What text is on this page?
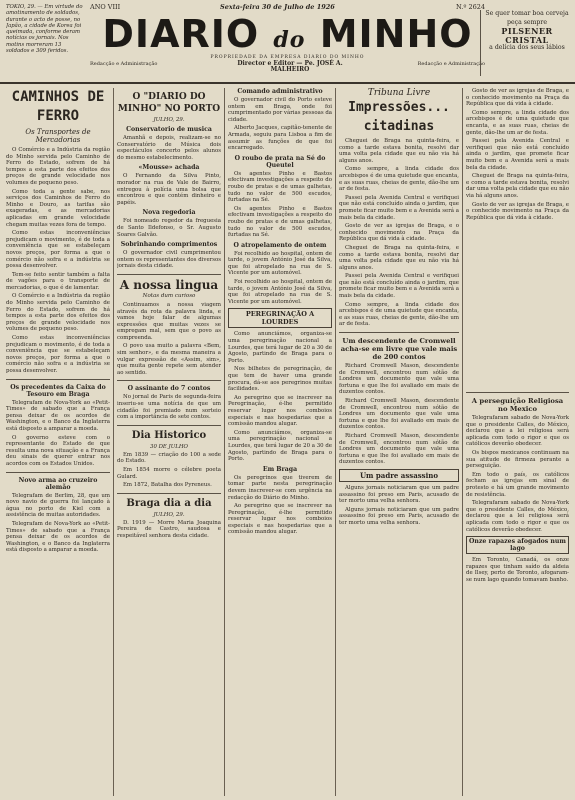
TOKIO, 29. — Em virtude do amotinamento de soldados, durante o acto de posse, no Japão, a cidade de Korea foi queimada, conforme deram notícias os jornais. Nos motins morreram 13 soldados e 309 feridos.
ANO VIII	Sexta-feira 30 de Julho de 1926	N.º 2624
DIARIO do MINHO
PROPRIEDADE DA EMPRESA DIARIO DO MINHO
Redacção e Administração	Director e Editor — Pe. JOSÉ A. MALHEIRO
Redacção e Administração
Se quer tomar boa cerveja peça sempre
PILSENER CRISTAL
a delícia dos seus lábios
CAMINHOS DE FERRO
Os Transportes de Mercadorias

O Comércio e a Indústria da região do Minho servida pelo Caminho de Ferro do Estado, sofrem de há tempos a esta parte dos efeitos dos preços de grande velocidade nos volumes de pequeno peso.

Como toda a gente sabe, nos serviços dos Caminhos de Ferro do Minho e Douro, as tarifas são exageradas, e as mercadorias aplicadas em grande velocidade chegam muitas vezes fora de tempo.

Como estas inconveniências prejudicam o movimento, é de toda a conveniência que se estabeleçam novos preços, por forma a que o comércio não sofra e a indústria se possa desenvolver.

Tem-se feito sentir também a falta de vagões para o transporte de mercadorias, o que é de lamentar.

O Comércio e a Indústria da região do Minho servida pelo Caminho de Ferro do Estado, sofrem de há tempos a esta parte dos efeitos dos preços de grande velocidade nos volumes de pequeno peso.

Como estas inconveniências prejudicam o movimento, é de toda a conveniência que se estabeleçam novos preços, por forma a que o comércio não sofra e a indústria se possa desenvolver.

Os precedentes da Caixa do Tesouro em Braga

Telegrafam de Nova-York ao «Petit-Times» de sabado que a França pensa deixar de os acordos de Washington, e o Banco da Inglaterra está disposto a amparar a moeda.

O governo esteve com o representante do Estado de que resulta uma nova situação e a França deu sinais de querer entrar nos acordos com os Estados Unidos.

Novo arma ao cruzeiro alemão

Telegrafam de Berlim, 28, que um novo navio de guerra foi lançado à água no porto de Kiel com a assistência de muitas autoridades.

Telegrafam de Nova-York ao «Petit-Times» de sabado que a França pensa deixar de os acordos de Washington, e o Banco da Inglaterra está disposto a amparar a moeda.

O "DIARIO DO MINHO" NO PORTO
JULHO, 29.
Conservatorio de musica

Amanhã e depois, realizam-se no Conservatório de Música dois espectáculos concerto pelos alunos do mesmo estabelecimento.

«Mousse» achada

O Fernando da Silva Pinto, morador na rua de Vale de Bairro, entregou à polícia uma bolsa que encontrou e que contém dinheiro e papéis.

Nova regedoria

Foi nomeado regedor da freguesia de Santo Ildefonso, o Sr. Augusto Soares Galvão.

Sobrinhando comprimentos

O governador civil cumprimentou ontem os representantes dos diversos jornais desta cidade.

A nossa lingua
Notas dum curioso

Continuamos a nossa viagem através da rota da palavra linda, e vamos hoje falar de algumas expressões que muitas vezes se empregam mal, sem que o povo as compreenda.

O povo usa muito a palavra «Bem, sim senhor», e da mesma maneira a vulgar expressão de «Assim, sim», que muita gente repete sem atender ao sentido.

O assinante do 7 contos

No jornal de Paris de segunda-feira inseriu-se uma notícia de que um cidadão foi premiado num sorteio com a importância de sete contos.

Dia Historico
30 DE JULHO

Em 1839 — criação do 100 a sede do Estado.

Em 1854 morre o célebre poeta Gulard.

Em 1872, Batalha dos Pyreneus.

Braga dia a dia
JULHO, 29.

D. 1919 — Morre Maria Joaquina Pereira de Castro, saudosa e respeitável senhora desta cidade.

Comando administrativo

O governador civil do Porto esteve ontem em Braga, onde foi cumprimentado por várias pessoas da cidade.

Alberto Jacques, capitão-tenente de Armada, seguiu para Lisboa a fim de assumir as funções de que foi encarregado.

O roubo de prata na Sé do Queutel

Os agentes Pinho e Bastos efectivam investigações a respeito do roubo de pratas e de umas galhetas, tudo no valor de 500 escudos, furtadas na Sé.

Os agentes Pinho e Bastos efectivam investigações a respeito do roubo de pratas e de umas galhetas, tudo no valor de 500 escudos, furtadas na Sé.

O atropelamento de ontem

Foi recolhido ao hospital, ontem de tarde, o jovem António José da Silva, que foi atropelado na rua de S. Vicente por um automóvel.

Foi recolhido ao hospital, ontem de tarde, o jovem António José da Silva, que foi atropelado na rua de S. Vicente por um automóvel.

PEREGRINAÇÃO A LOURDES

Como anunciámos, organiza-se uma peregrinação nacional a Lourdes, que terá lugar de 20 a 30 de Agosto, partindo de Braga para o Porto.

Nos bilhetes de peregrinação, de que tem de haver uma grande procura, dá-se aos peregrinos muitas facilidades.

Ao peregrino que se inscrever na Peregrinação, é-lhe permitido reservar lugar nos comboios especiais e nas hospedarias que a comissão mandou alugar.

Como anunciámos, organiza-se uma peregrinação nacional a Lourdes, que terá lugar de 20 a 30 de Agosto, partindo de Braga para o Porto.

Em Braga

Os peregrinos que tiverem de tomar parte nesta peregrinação devem inscrever-se com urgência na redacção do Diário do Minho.

Ao peregrino que se inscrever na Peregrinação, é-lhe permitido reservar lugar nos comboios especiais e nas hospedarias que a comissão mandou alugar.

Tribuna Livre
Impressões... citadinas

Cheguei de Braga na quinta-feira, e como a tarde estava bonita, resolvi dar uma volta pela cidade que eu não via há alguns anos.

Como sempre, a linda cidade dos arcebispos é de uma quietude que encanta, e as suas ruas, cheias de gente, dão-lhe um ar de festa.

Passei pela Avenida Central e verifiquei que não está concluído ainda o jardim, que promete ficar muito bem e a Avenida será a mais bela da cidade.

Gosto de ver as igrejas de Braga, e o conhecido movimento na Praça da República que dá vida à cidade.

Cheguei de Braga na quinta-feira, e como a tarde estava bonita, resolvi dar uma volta pela cidade que eu não via há alguns anos.

Passei pela Avenida Central e verifiquei que não está concluído ainda o jardim, que promete ficar muito bem e a Avenida será a mais bela da cidade.

Como sempre, a linda cidade dos arcebispos é de uma quietude que encanta, e as suas ruas, cheias de gente, dão-lhe um ar de festa.

Um descendente de Cromwell acha-se em livre que vale mais de 200 contos

Richard Cromwell Mason, descendente de Cromwell, encontrou num sótão de Londres um documento que vale uma fortuna e que lhe foi avaliado em mais de duzentos contos.

Richard Cromwell Mason, descendente de Cromwell, encontrou num sótão de Londres um documento que vale uma fortuna e que lhe foi avaliado em mais de duzentos contos.

Richard Cromwell Mason, descendente de Cromwell, encontrou num sótão de Londres um documento que vale uma fortuna e que lhe foi avaliado em mais de duzentos contos.

Um padre assassino

Alguns jornais noticiaram que um padre assassino foi preso em Paris, acusado de ter morto uma velha senhora.

Alguns jornais noticiaram que um padre assassino foi preso em Paris, acusado de ter morto uma velha senhora.

Gosto de ver as igrejas de Braga, e o conhecido movimento na Praça da República que dá vida à cidade.

Como sempre, a linda cidade dos arcebispos é de uma quietude que encanta, e as suas ruas, cheias de gente, dão-lhe um ar de festa.

Passei pela Avenida Central e verifiquei que não está concluído ainda o jardim, que promete ficar muito bem e a Avenida será a mais bela da cidade.

Cheguei de Braga na quinta-feira, e como a tarde estava bonita, resolvi dar uma volta pela cidade que eu não via há alguns anos.

Gosto de ver as igrejas de Braga, e o conhecido movimento na Praça da República que dá vida à cidade.

A perseguição Religiosa no Mexico

Telegrafaram sabado de Nova-York que o presidente Calles, do México, declarou que a lei religiosa será aplicada com todo o rigor e que os católicos deverão obedecer.

Os bispos mexicanos continuam na sua atitude de firmeza perante a perseguição.

Em todo o país, os católicos fecham as igrejas em sinal de protesto e há um grande movimento de resistência.

Telegrafaram sabado de Nova-York que o presidente Calles, do México, declarou que a lei religiosa será aplicada com todo o rigor e que os católicos deverão obedecer.

Onze rapazes afogados num lago

Em Toronto, Canadá, os onze rapazes que tinham saído da aldeia de Ilsey, perto de Toronto, afogaram-se num lago quando tomavam banho.
